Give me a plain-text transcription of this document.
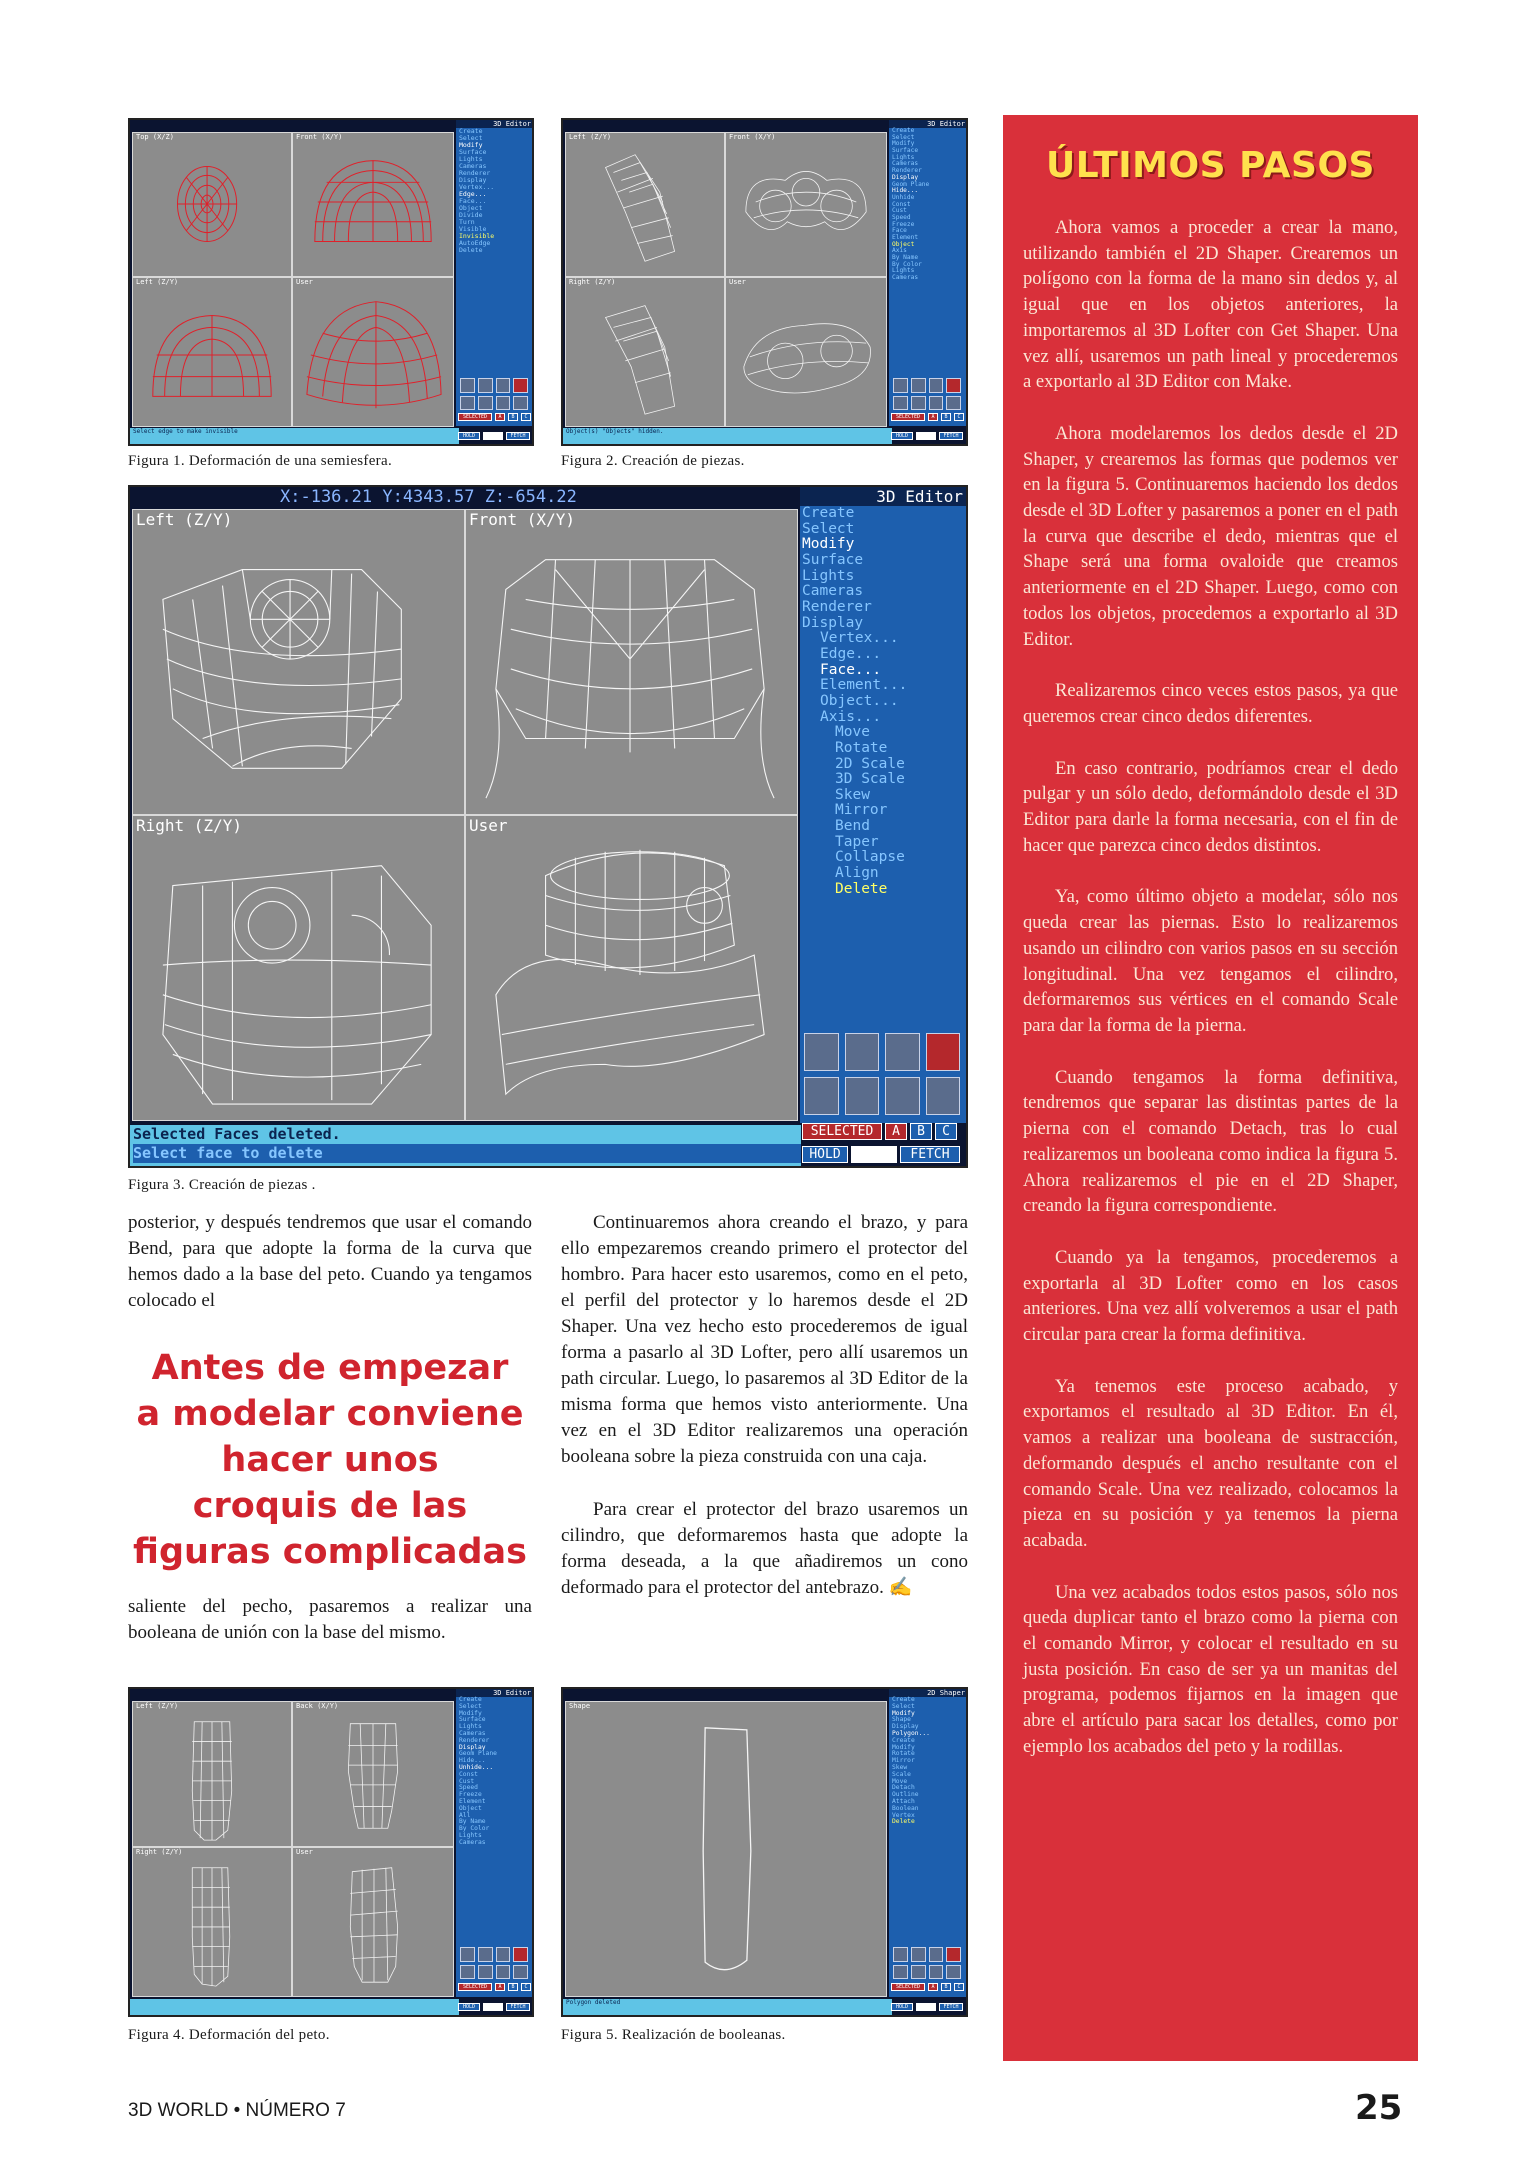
Top (X/Z)	Front (X/Y)
Left (Z/Y)	User
3D Editor
Create
Select
Modify
Surface
Lights
Cameras
Renderer
Display
Vertex...
Edge...
Face...
Object
Divide
Turn
Visible
Invisible
AutoEdge
Delete
SELECTED	A	B	C
Select edge to make invisible
HOLD	FETCH
Figura 1. Deformación de una semiesfera.
Left (Z/Y)	Front (X/Y)
Right (Z/Y)	User
3D Editor
Create
Select
Modify
Surface
Lights
Cameras
Renderer
Display
Geom Plane
Hide...
Unhide
Const
Cust
Speed
Freeze
Face
Element
Object
Axis
By Name
By Color
Lights
Cameras
SELECTED	A	B	C
Object(s) "Objects" hidden.
HOLD	FETCH
Figura 2. Creación de piezas.
X:-136.21 Y:4343.57 Z:-654.22
Left (Z/Y)	Front (X/Y)
Right (Z/Y)	User
3D Editor
Create
Select
Modify
Surface
Lights
Cameras
Renderer
Display
Vertex...
Edge...
Face...
Element...
Object...
Axis...
Move
Rotate
2D Scale
3D Scale
Skew
Mirror
Bend
Taper
Collapse
Align
Delete
Selected Faces deleted.
Select face to delete
SELECTED	A	B	C
HOLD	FETCH
Figura 3. Creación de piezas .

posterior, y después tendremos que usar el comando Bend, para que adopte la forma de la curva que hemos dado a la base del peto. Cuando ya tengamos colocado el

Antes de empezar
a modelar conviene
hacer unos
croquis de las
figuras complicadas

saliente del pecho, pasaremos a realizar una booleana de unión con la base del mismo.

Continuaremos ahora creando el brazo, y para ello empezaremos creando primero el protector del hombro. Para hacer esto usaremos, como en el peto, el perfil del protector y lo haremos desde el 2D Shaper. Una vez hecho esto procederemos de igual forma a pasarlo al 3D Lofter, pero allí usaremos un path circular. Luego, lo pasaremos al 3D Editor de la misma forma que hemos visto anteriormente. Una vez en el 3D Editor realizaremos una operación booleana sobre la pieza construida con una caja.

Para crear el protector del brazo usaremos un cilindro, que deformaremos hasta que adopte la forma deseada, a la que añadiremos un cono deformado para el protector del antebrazo. ✍

Left (Z/Y)	Back (X/Y)
Right (Z/Y)	User
3D Editor
Create
Select
Modify
Surface
Lights
Cameras
Renderer
Display
Geom Plane
Hide...
Unhide...
Const
Cust
Speed
Freeze
Element
Object
All
By Name
By Color
Lights
Cameras
SELECTED	A	B	C
HOLD	FETCH
Figura 4. Deformación del peto.
Shape
2D Shaper
Create
Select
Modify
Shape
Display
Polygon...
Create
Modify
Rotate
Mirror
Skew
Scale
Move
Detach
Outline
Attach
Boolean
Vertex
Delete
SELECTED	A	B	C
Polygon deleted
HOLD	FETCH
Figura 5. Realización de booleanas.
ÚLTIMOS PASOS

Ahora vamos a proceder a crear la mano, utilizando también el 2D Shaper. Crearemos un polígono con la forma de la mano sin dedos y, al igual que en los objetos anteriores, la importaremos al 3D Lofter con Get Shaper. Una vez allí, usaremos un path lineal y procederemos a exportarlo al 3D Editor con Make.

Ahora modelaremos los dedos desde el 2D Shaper, y crearemos las formas que podemos ver en la figura 5. Continuaremos haciendo los dedos desde el 3D Lofter y pasaremos a poner en el path la curva que describe el dedo, mientras que el Shape será una forma ovaloide que creamos anteriormente en el 2D Shaper. Luego, como con todos los objetos, procedemos a exportarlo al 3D Editor.

Realizaremos cinco veces estos pasos, ya que queremos crear cinco dedos diferentes.

En caso contrario, podríamos crear el dedo pulgar y un sólo dedo, deformándolo desde el 3D Editor para darle la forma necesaria, con el fin de hacer que parezca cinco dedos distintos.

Ya, como último objeto a modelar, sólo nos queda crear las piernas. Esto lo realizaremos usando un cilindro con varios pasos en su sección longitudinal. Una vez tengamos el cilindro, deformaremos sus vértices en el comando Scale para dar la forma de la pierna.

Cuando tengamos la forma definitiva, tendremos que separar las distintas partes de la pierna con el comando Detach, tras lo cual realizaremos un booleana como indica la figura 5. Ahora realizaremos el pie en el 2D Shaper, creando la figura correspondiente.

Cuando ya la tengamos, procederemos a exportarla al 3D Lofter como en los casos anteriores. Una vez allí volveremos a usar el path circular para crear la forma definitiva.

Ya tenemos este proceso acabado, y exportamos el resultado al 3D Editor. En él, vamos a realizar una booleana de sustracción, deformando después el ancho resultante con el comando Scale. Una vez realizado, colocamos la pieza en su posición y ya tenemos la pierna acabada.

Una vez acabados todos estos pasos, sólo nos queda duplicar tanto el brazo como la pierna con el comando Mirror, y colocar el resultado en su justa posición. En caso de ser ya un manitas del programa, podemos fijarnos en la imagen que abre el artículo para sacar los detalles, como por ejemplo los acabados del peto y la rodillas.

3D WORLD • NÚMERO 7	25
